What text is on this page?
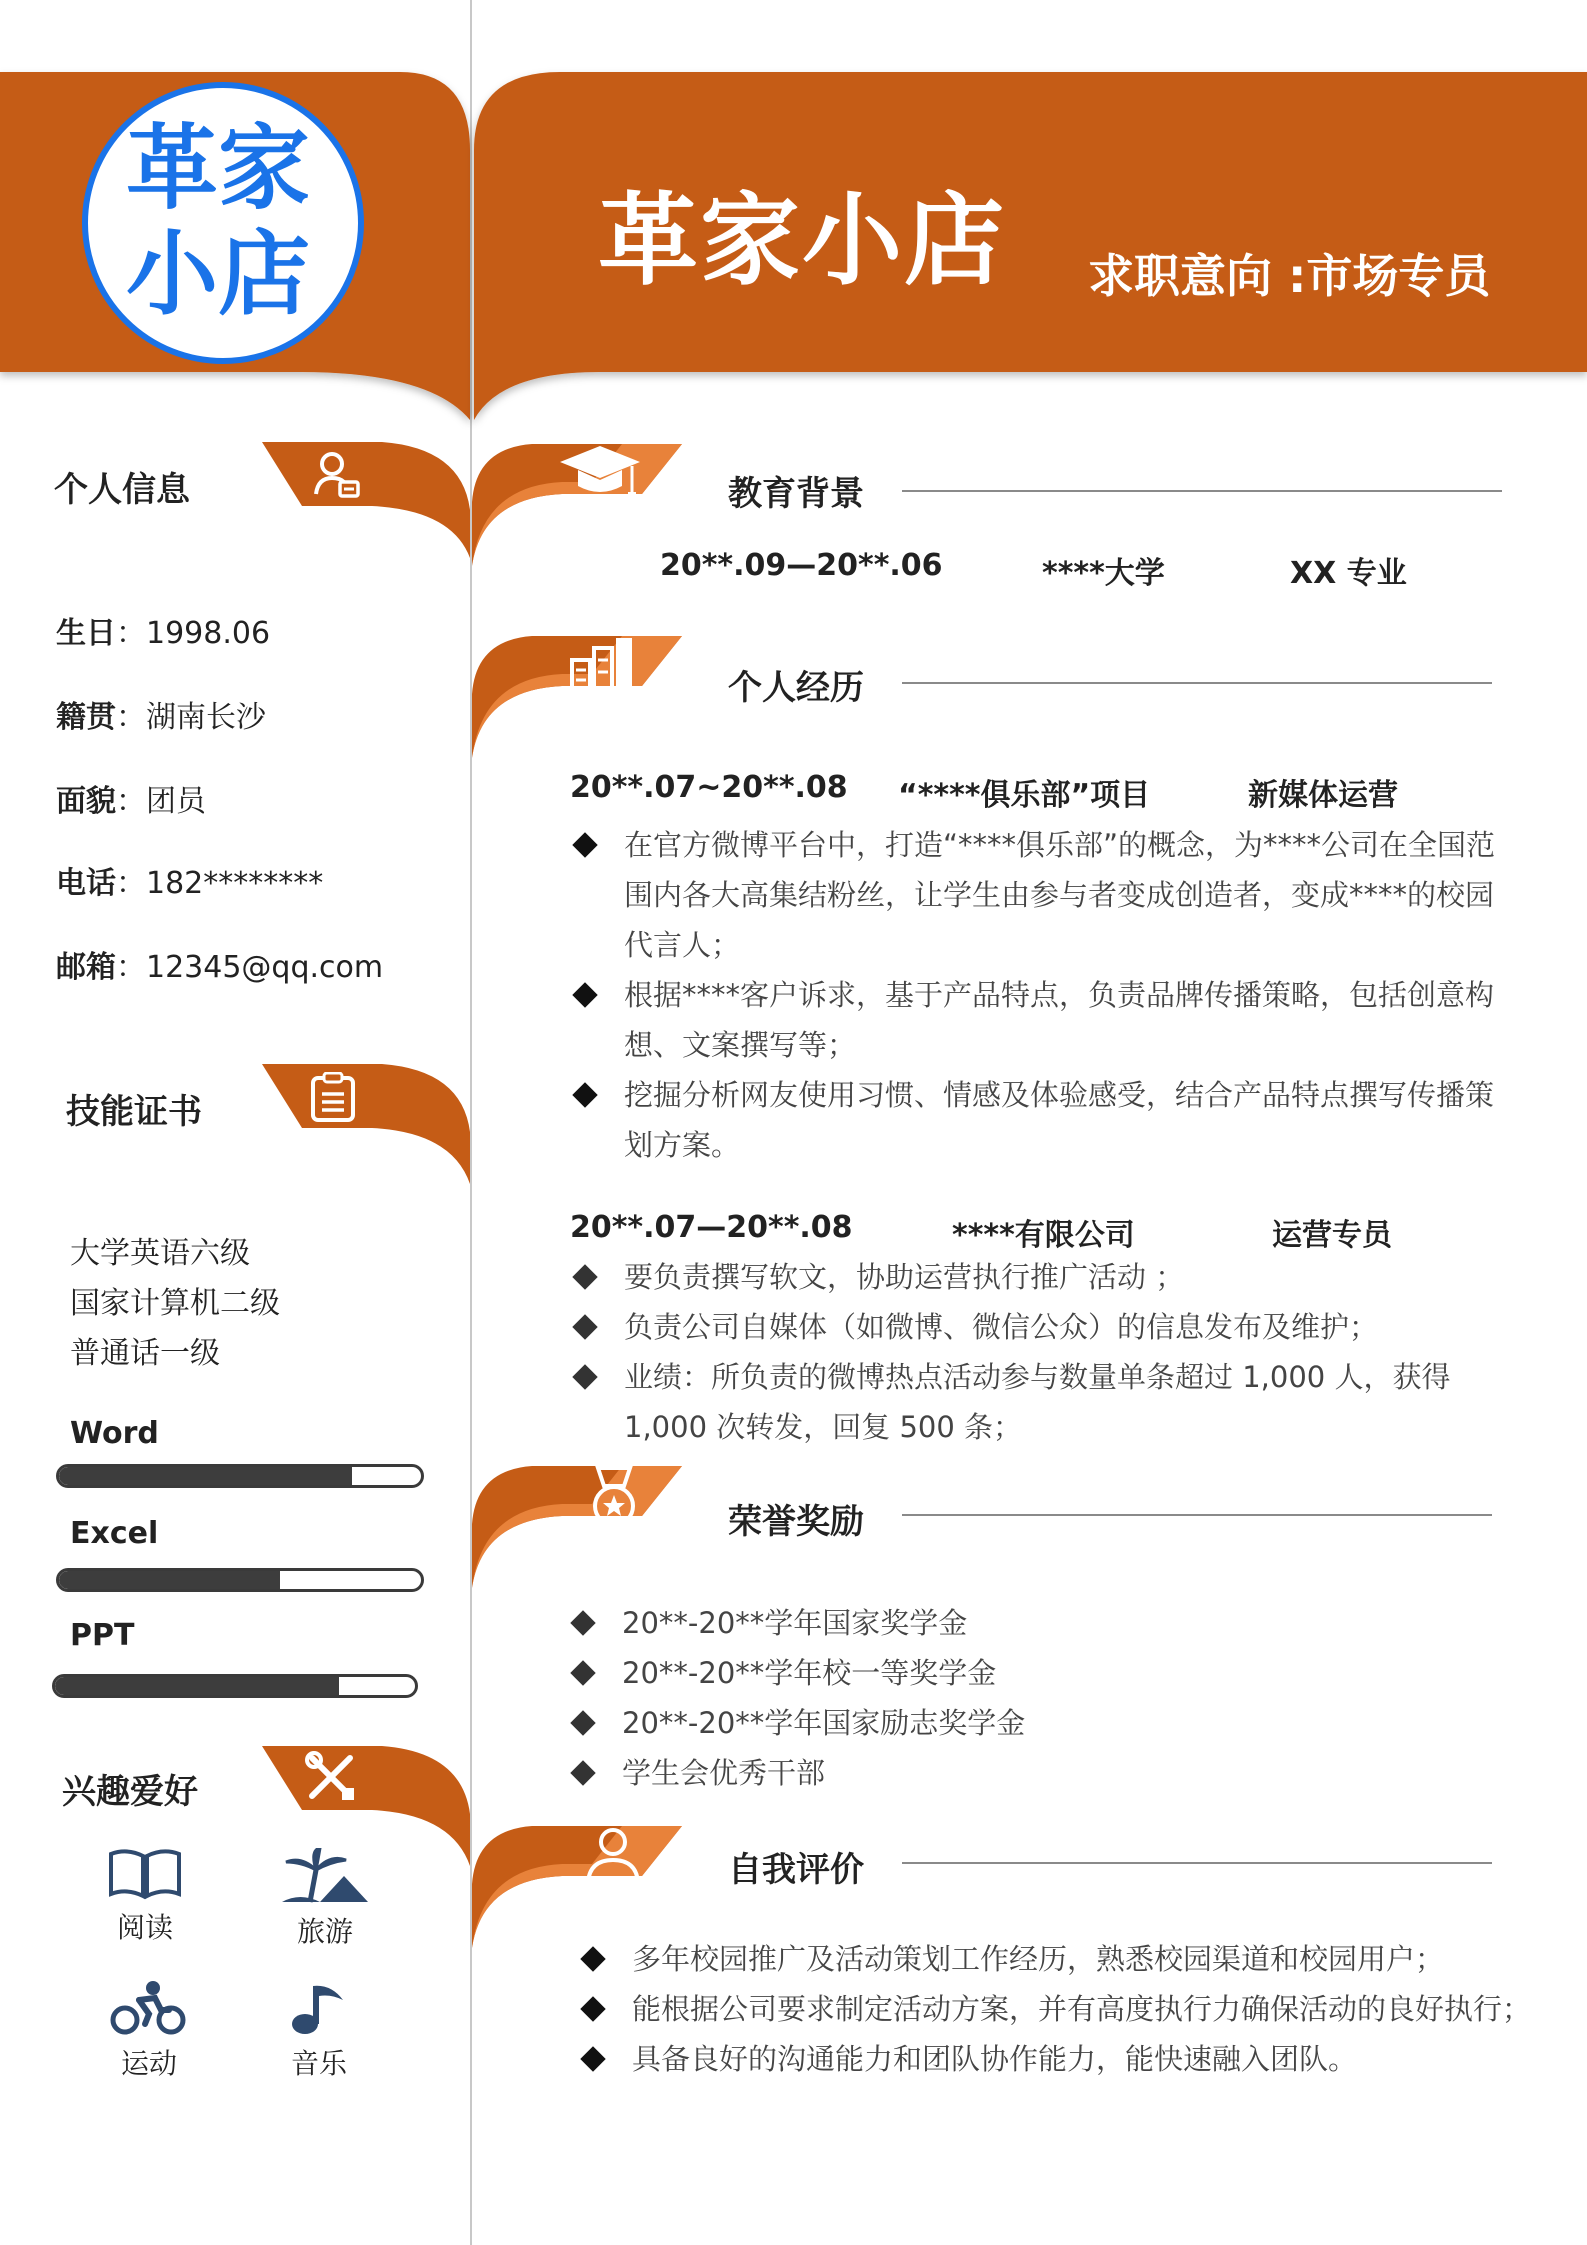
革家
小店	革家小店 求职意向 :市场专员
个人信息
生日：1998.06
籍贯：湖南长沙
面貌：团员
电话：182********
邮箱：12345@qq.com
技能证书
大学英语六级
国家计算机二级
普通话一级
Word
Excel
PPT
兴趣爱好
阅读	旅游
运动	音乐
教育背景
20**.09—20**.06	****大学	XX 专业
个人经历
20**.07~20**.08 “****俱乐部”项目	新媒体运营
在官方微博平台中，打造“****俱乐部”的概念，为****公司在全国范围内各大高集结粉丝，让学生由参与者变成创造者，变成****的校园代言人；
根据****客户诉求，基于产品特点，负责品牌传播策略，包括创意构想、文案撰写等；
挖掘分析网友使用习惯、情感及体验感受，结合产品特点撰写传播策划方案。
20**.07—20**.08	****有限公司	运营专员
要负责撰写软文，协助运营执行推广活动 ；
负责公司自媒体（如微博、微信公众）的信息发布及维护；
业绩：所负责的微博热点活动参与数量单条超过 1,000 人，获得 1,000 次转发，回复 500 条；
荣誉奖励
20**-20**学年国家奖学金
20**-20**学年校一等奖学金
20**-20**学年国家励志奖学金
学生会优秀干部
自我评价
多年校园推广及活动策划工作经历，熟悉校园渠道和校园用户；
能根据公司要求制定活动方案，并有高度执行力确保活动的良好执行；
具备良好的沟通能力和团队协作能力，能快速融入团队。
